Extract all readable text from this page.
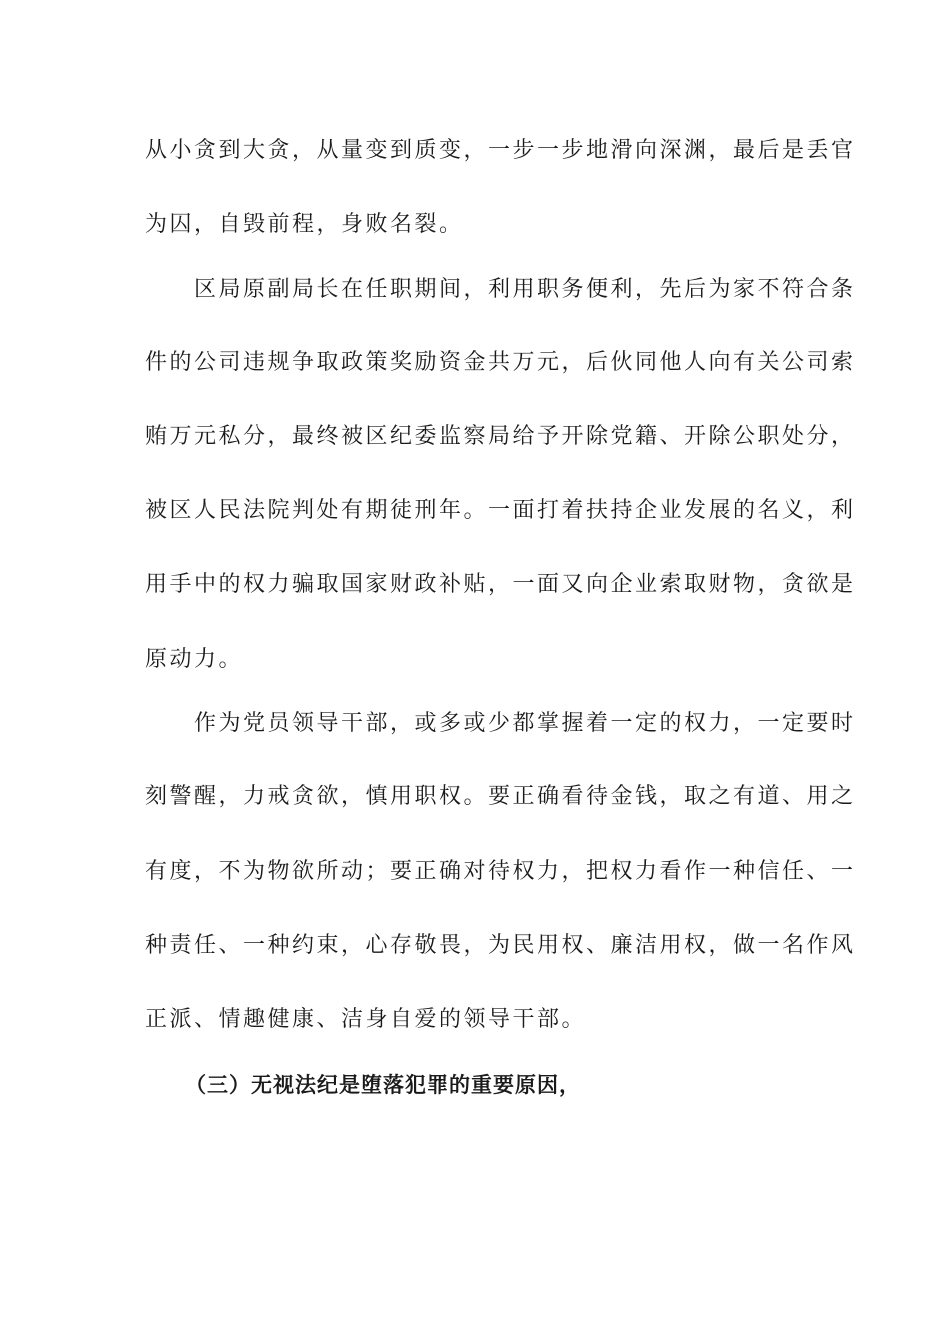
从小贪到大贪，从量变到质变，一步一步地滑向深渊，最后是丢官
为囚，自毁前程，身败名裂。
　　区局原副局长在任职期间，利用职务便利，先后为家不符合条
件的公司违规争取政策奖励资金共万元，后伙同他人向有关公司索
贿万元私分，最终被区纪委监察局给予开除党籍、开除公职处分，
被区人民法院判处有期徒刑年。一面打着扶持企业发展的名义，利
用手中的权力骗取国家财政补贴，一面又向企业索取财物，贪欲是
原动力。
　　作为党员领导干部，或多或少都掌握着一定的权力，一定要时
刻警醒，力戒贪欲，慎用职权。要正确看待金钱，取之有道、用之
有度，不为物欲所动；要正确对待权力，把权力看作一种信任、一
种责任、一种约束，心存敬畏，为民用权、廉洁用权，做一名作风
正派、情趣健康、洁身自爱的领导干部。
（三）无视法纪是堕落犯罪的重要原因，
